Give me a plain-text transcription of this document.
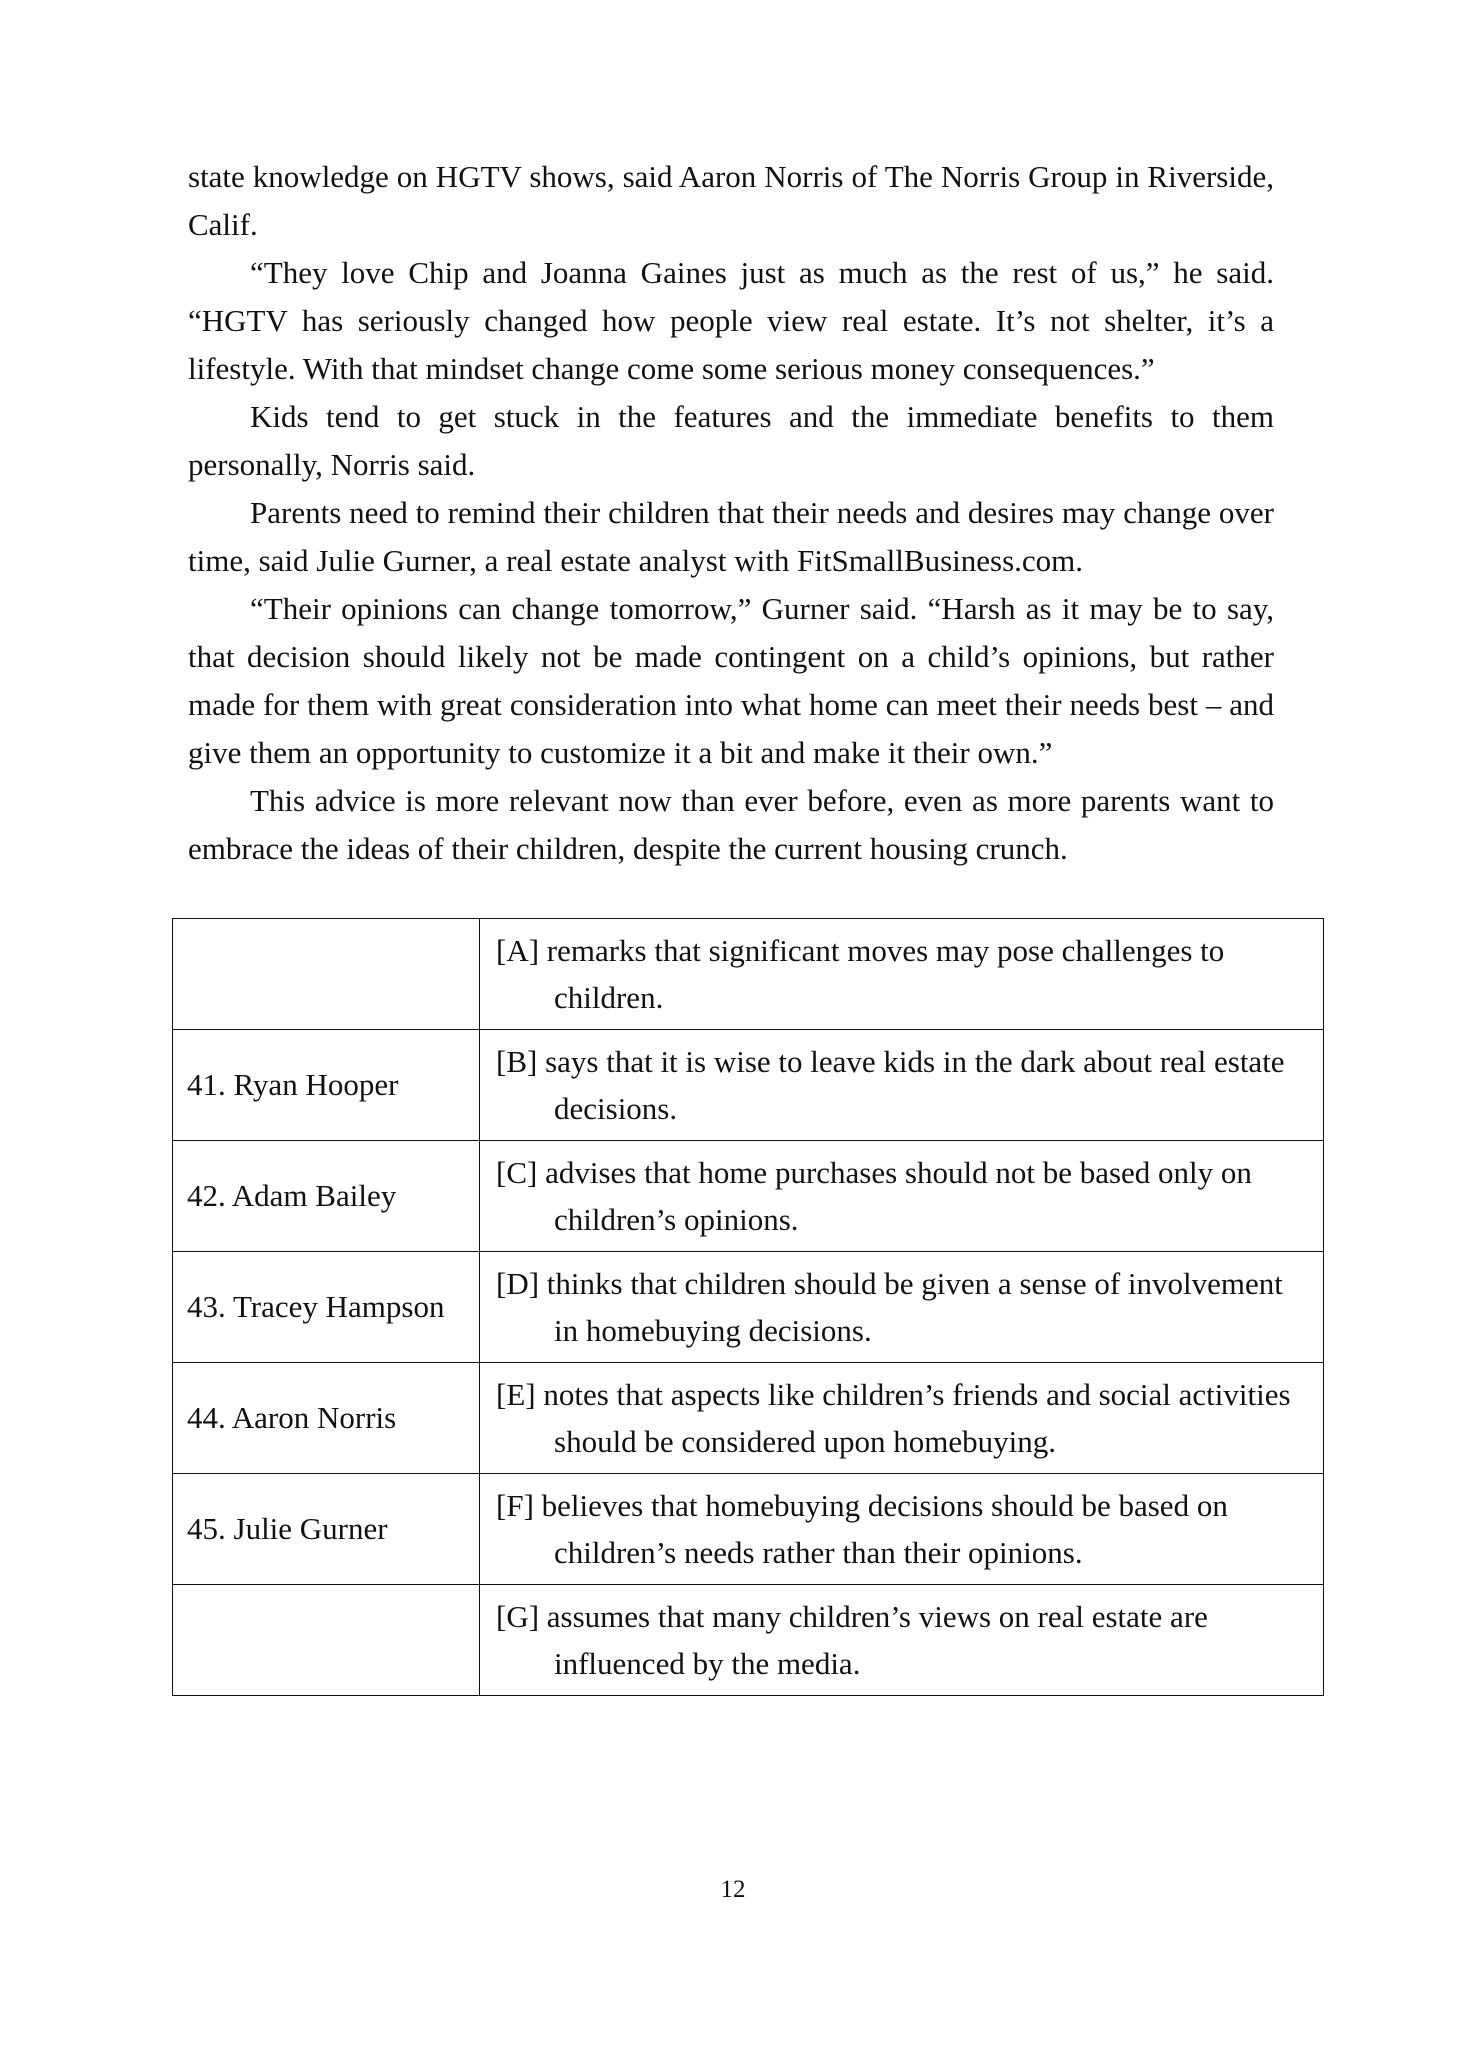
state knowledge on HGTV shows, said Aaron Norris of The Norris Group in Riverside, Calif.

“They love Chip and Joanna Gaines just as much as the rest of us,” he said. “HGTV has seriously changed how people view real estate. It’s not shelter, it’s a lifestyle. With that mindset change come some serious money consequences.”

Kids tend to get stuck in the features and the immediate benefits to them personally, Norris said.

Parents need to remind their children that their needs and desires may change over time, said Julie Gurner, a real estate analyst with FitSmallBusiness.com.

“Their opinions can change tomorrow,” Gurner said. “Harsh as it may be to say, that decision should likely not be made contingent on a child’s opinions, but rather made for them with great consideration into what home can meet their needs best – and give them an opportunity to customize it a bit and make it their own.”

This advice is more relevant now than ever before, even as more parents want to embrace the ideas of their children, despite the current housing crunch.

	[A] remarks that significant moves may pose challenges to children.

41. Ryan Hooper	[B] says that it is wise to leave kids in the dark about real estate decisions.

42. Adam Bailey	[C] advises that home purchases should not be based only on children’s opinions.

43. Tracey Hampson	[D] thinks that children should be given a sense of involvement in homebuying decisions.

44. Aaron Norris	[E] notes that aspects like children’s friends and social activities should be considered upon homebuying.

45. Julie Gurner	[F] believes that homebuying decisions should be based on children’s needs rather than their opinions.

	[G] assumes that many children’s views on real estate are influenced by the media.
12
